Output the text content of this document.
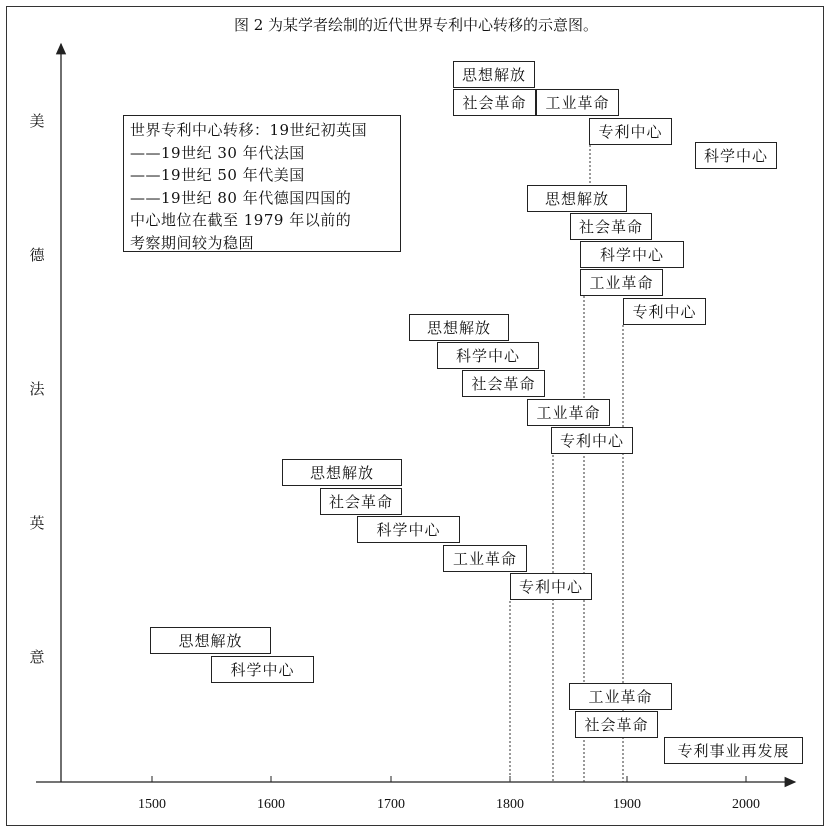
图 2 为某学者绘制的近代世界专利中心转移的示意图。
美
德
法
英
意
1500	1600	1700	1800	1900	2000
世界专利中心转移：19世纪初英国
——19世纪 30 年代法国
——19世纪 50 年代美国
——19世纪 80 年代德国四国的
中心地位在截至 1979 年以前的
考察期间较为稳固
思想解放
社会革命	工业革命
专利中心
科学中心
思想解放
社会革命
科学中心
工业革命
专利中心
思想解放
科学中心
社会革命
工业革命
专利中心
思想解放
社会革命
科学中心
工业革命
专利中心
思想解放
科学中心
工业革命
社会革命
专利事业再发展
